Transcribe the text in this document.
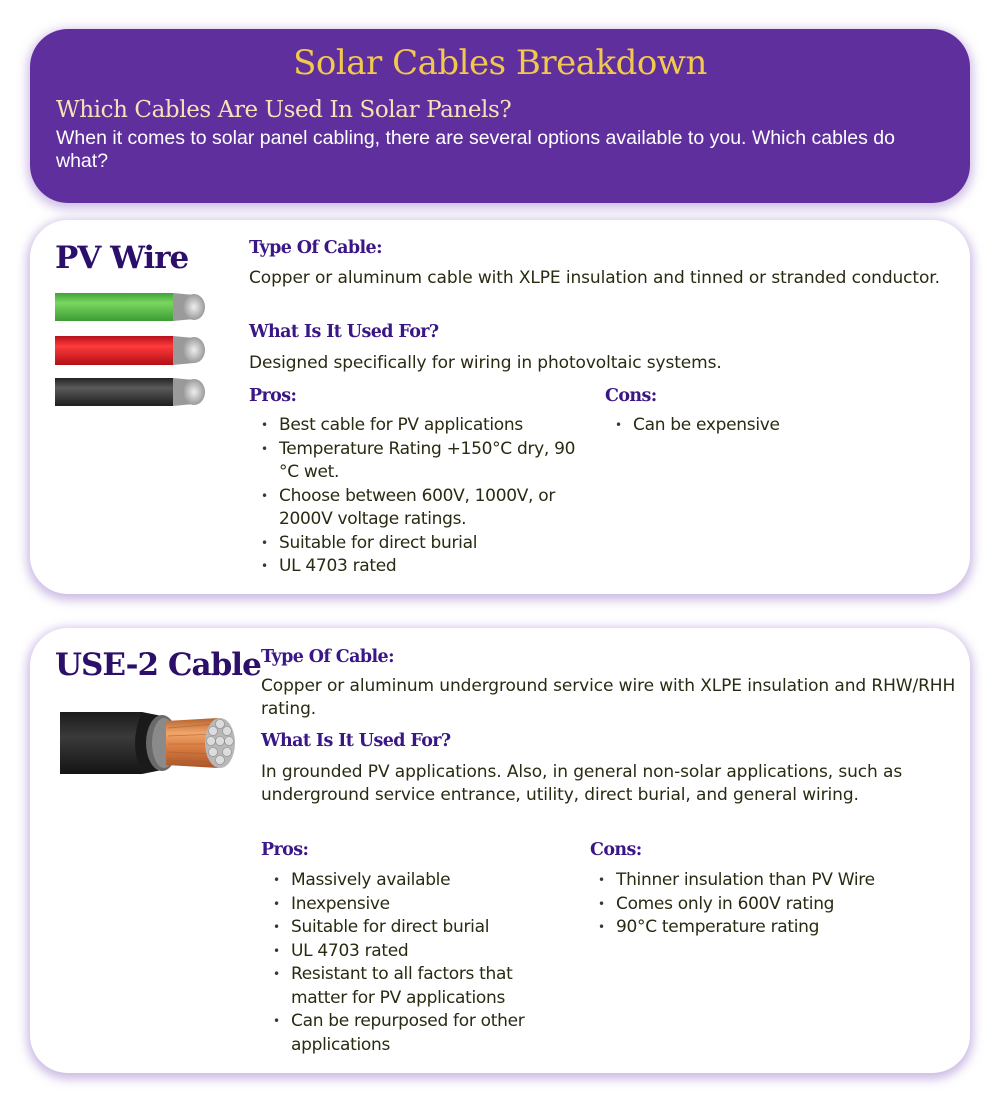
Solar Cables Breakdown
Which Cables Are Used In Solar Panels?
When it comes to solar panel cabling, there are several options available to you. Which cables do what?
PV Wire	Type Of Cable:
Copper or aluminum cable with XLPE insulation and tinned or stranded conductor.
What Is It Used For?
Designed specifically for wiring in photovoltaic systems.
Pros:
• Best cable for PV applications
• Temperature Rating +150°C dry, 90 °C wet.
• Choose between 600V, 1000V, or 2000V voltage ratings.
• Suitable for direct burial
• UL 4703 rated
Cons:
• Can be expensive
USE-2 Cable Type Of Cable:
Copper or aluminum underground service wire with XLPE insulation and RHW/RHH rating.
What Is It Used For?
In grounded PV applications. Also, in general non-solar applications, such as underground service entrance, utility, direct burial, and general wiring.
Pros:
• Massively available
• Inexpensive
• Suitable for direct burial
• UL 4703 rated
• Resistant to all factors that matter for PV applications
• Can be repurposed for other applications
Cons:
• Thinner insulation than PV Wire
• Comes only in 600V rating
• 90°C temperature rating
